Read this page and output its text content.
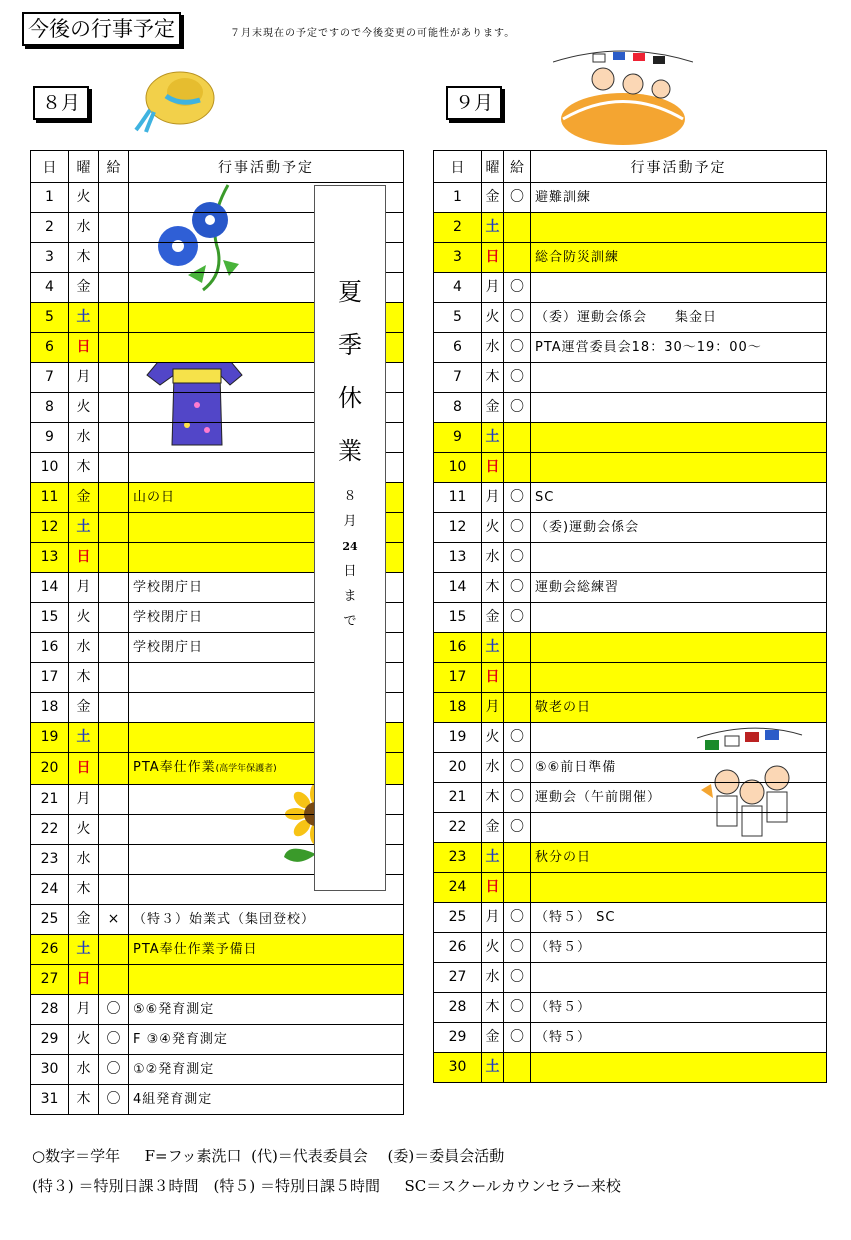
今後の行事予定	７月末現在の予定ですので今後変更の可能性があります。
８月	９月
日	曜	給	行事活動予定
1	火		
2	水		
3	木		
4	金		
5	土		
6	日		
7	月		
8	火		
9	水		
10	木		
11	金		山の日
12	土		
13	日		
14	月		学校閉庁日
15	火		学校閉庁日
16	水		学校閉庁日
17	木		
18	金		
19	土		
20	日		PTA奉仕作業(高学年保護者)
21	月		
22	火		
23	水		
24	木		
25	金	×	（特３）始業式（集団登校）
26	土		PTA奉仕作業予備日
27	日		
28	月	〇	⑤⑥発育測定
29	火	〇	F ③④発育測定
30	水	〇	①②発育測定
31	木	〇	4組発育測定
日	曜	給	行事活動予定
1	金	〇	避難訓練
2	土		
3	日		総合防災訓練
4	月	〇	
5	火	〇	（委）運動会係会　　集金日
6	水	〇	PTA運営委員会18：30〜19：00〜
7	木	〇	
8	金	〇	
9	土		
10	日		
11	月	〇	SC
12	火	〇	（委)運動会係会
13	水	〇	
14	木	〇	運動会総練習
15	金	〇	
16	土		
17	日		
18	月		敬老の日
19	火	〇	
20	水	〇	⑤⑥前日準備
21	木	〇	運動会（午前開催）
22	金	〇	
23	土		秋分の日
24	日		
25	月	〇	（特５） SC
26	火	〇	（特５）
27	水	〇	
28	木	〇	（特５）
29	金	〇	（特５）
30	土		
夏
季
休
業
８
月
24
日
ま
で
○数字＝学年　  F=フッ素洗口  (代)＝代表委員会　 (委)＝委員会活動
(特３) ＝特別日課３時間　(特５) ＝特別日課５時間　  SC＝スクールカウンセラー来校
